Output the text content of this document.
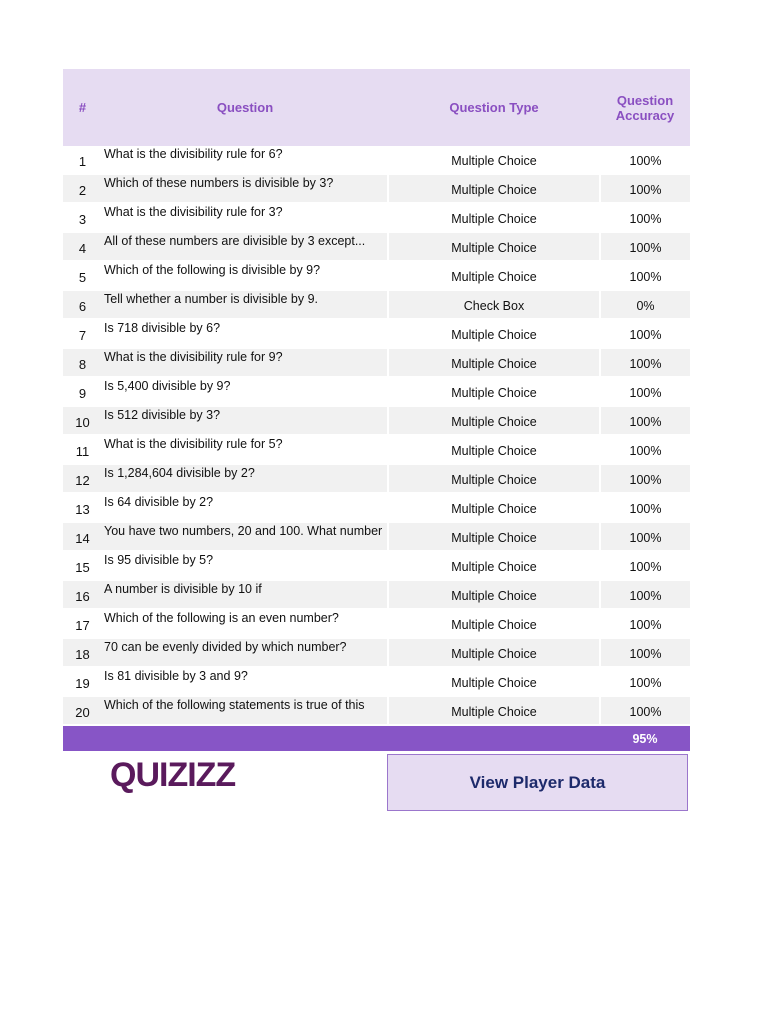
#	Question	Question Type	Question
Accuracy
1	What is the divisibility rule for 6?	Multiple Choice	100%
2	Which of these numbers is divisible by 3?	Multiple Choice	100%
3	What is the divisibility rule for 3?	Multiple Choice	100%
4	All of these numbers are divisible by 3 except...	Multiple Choice	100%
5	Which of the following is divisible by 9?	Multiple Choice	100%
6	Tell whether a number is divisible by 9.	Check Box	0%
7	Is 718 divisible by 6?	Multiple Choice	100%
8	What is the divisibility rule for 9?	Multiple Choice	100%
9	Is 5,400 divisible by 9?	Multiple Choice	100%
10	Is 512 divisible by 3?	Multiple Choice	100%
11	What is the divisibility rule for 5?	Multiple Choice	100%
12	Is 1,284,604 divisible by 2?	Multiple Choice	100%
13	Is 64 divisible by 2?	Multiple Choice	100%
14	You have two numbers, 20 and 100. What number	Multiple Choice	100%
15	Is 95 divisible by 5?	Multiple Choice	100%
16	A number is divisible by 10 if	Multiple Choice	100%
17	Which of the following is an even number?	Multiple Choice	100%
18	70 can be evenly divided by which number?	Multiple Choice	100%
19	Is 81 divisible by 3 and 9?	Multiple Choice	100%
20	Which of the following statements is true of this	Multiple Choice	100%
			95%
QUIZIZZ	View Player Data
